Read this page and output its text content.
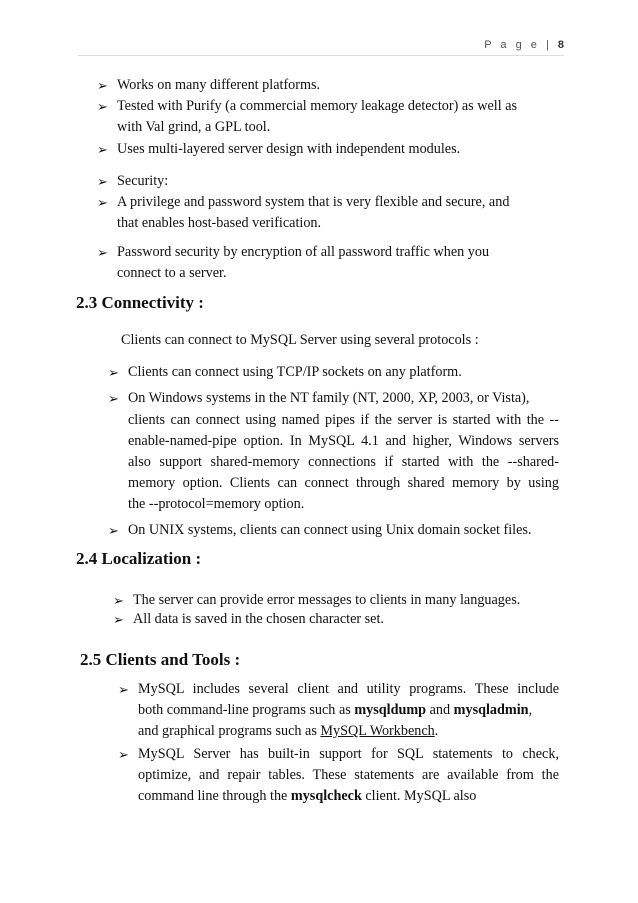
P a g e | 8
➢ Works on many different platforms.
➢ Tested with Purify (a commercial memory leakage detector) as well as
with Val grind, a GPL tool.
➢ Uses multi-layered server design with independent modules.
➢ Security:
➢ A privilege and password system that is very flexible and secure, and
that enables host-based verification.
➢ Password security by encryption of all password traffic when you
connect to a server.
2.3 Connectivity :
Clients can connect to MySQL Server using several protocols :
➢ Clients can connect using TCP/IP sockets on any platform.
➢ On Windows systems in the NT family (NT, 2000, XP, 2003, or Vista),
clients can connect using named pipes if the server is started with the --
enable-named-pipe option. In MySQL 4.1 and higher, Windows servers
also support shared-memory connections if started with the --shared-
memory option. Clients can connect through shared memory by using
the --protocol=memory option.
➢ On UNIX systems, clients can connect using Unix domain socket files.
2.4 Localization :
➢ The server can provide error messages to clients in many languages.
➢ All data is saved in the chosen character set.
2.5 Clients and Tools :
➢ MySQL includes several client and utility programs. These include
both command-line programs such as mysqldump and mysqladmin,
and graphical programs such as MySQL Workbench.
➢ MySQL Server has built-in support for SQL statements to check,
optimize, and repair tables. These statements are available from the
command line through the mysqlcheck client. MySQL also
